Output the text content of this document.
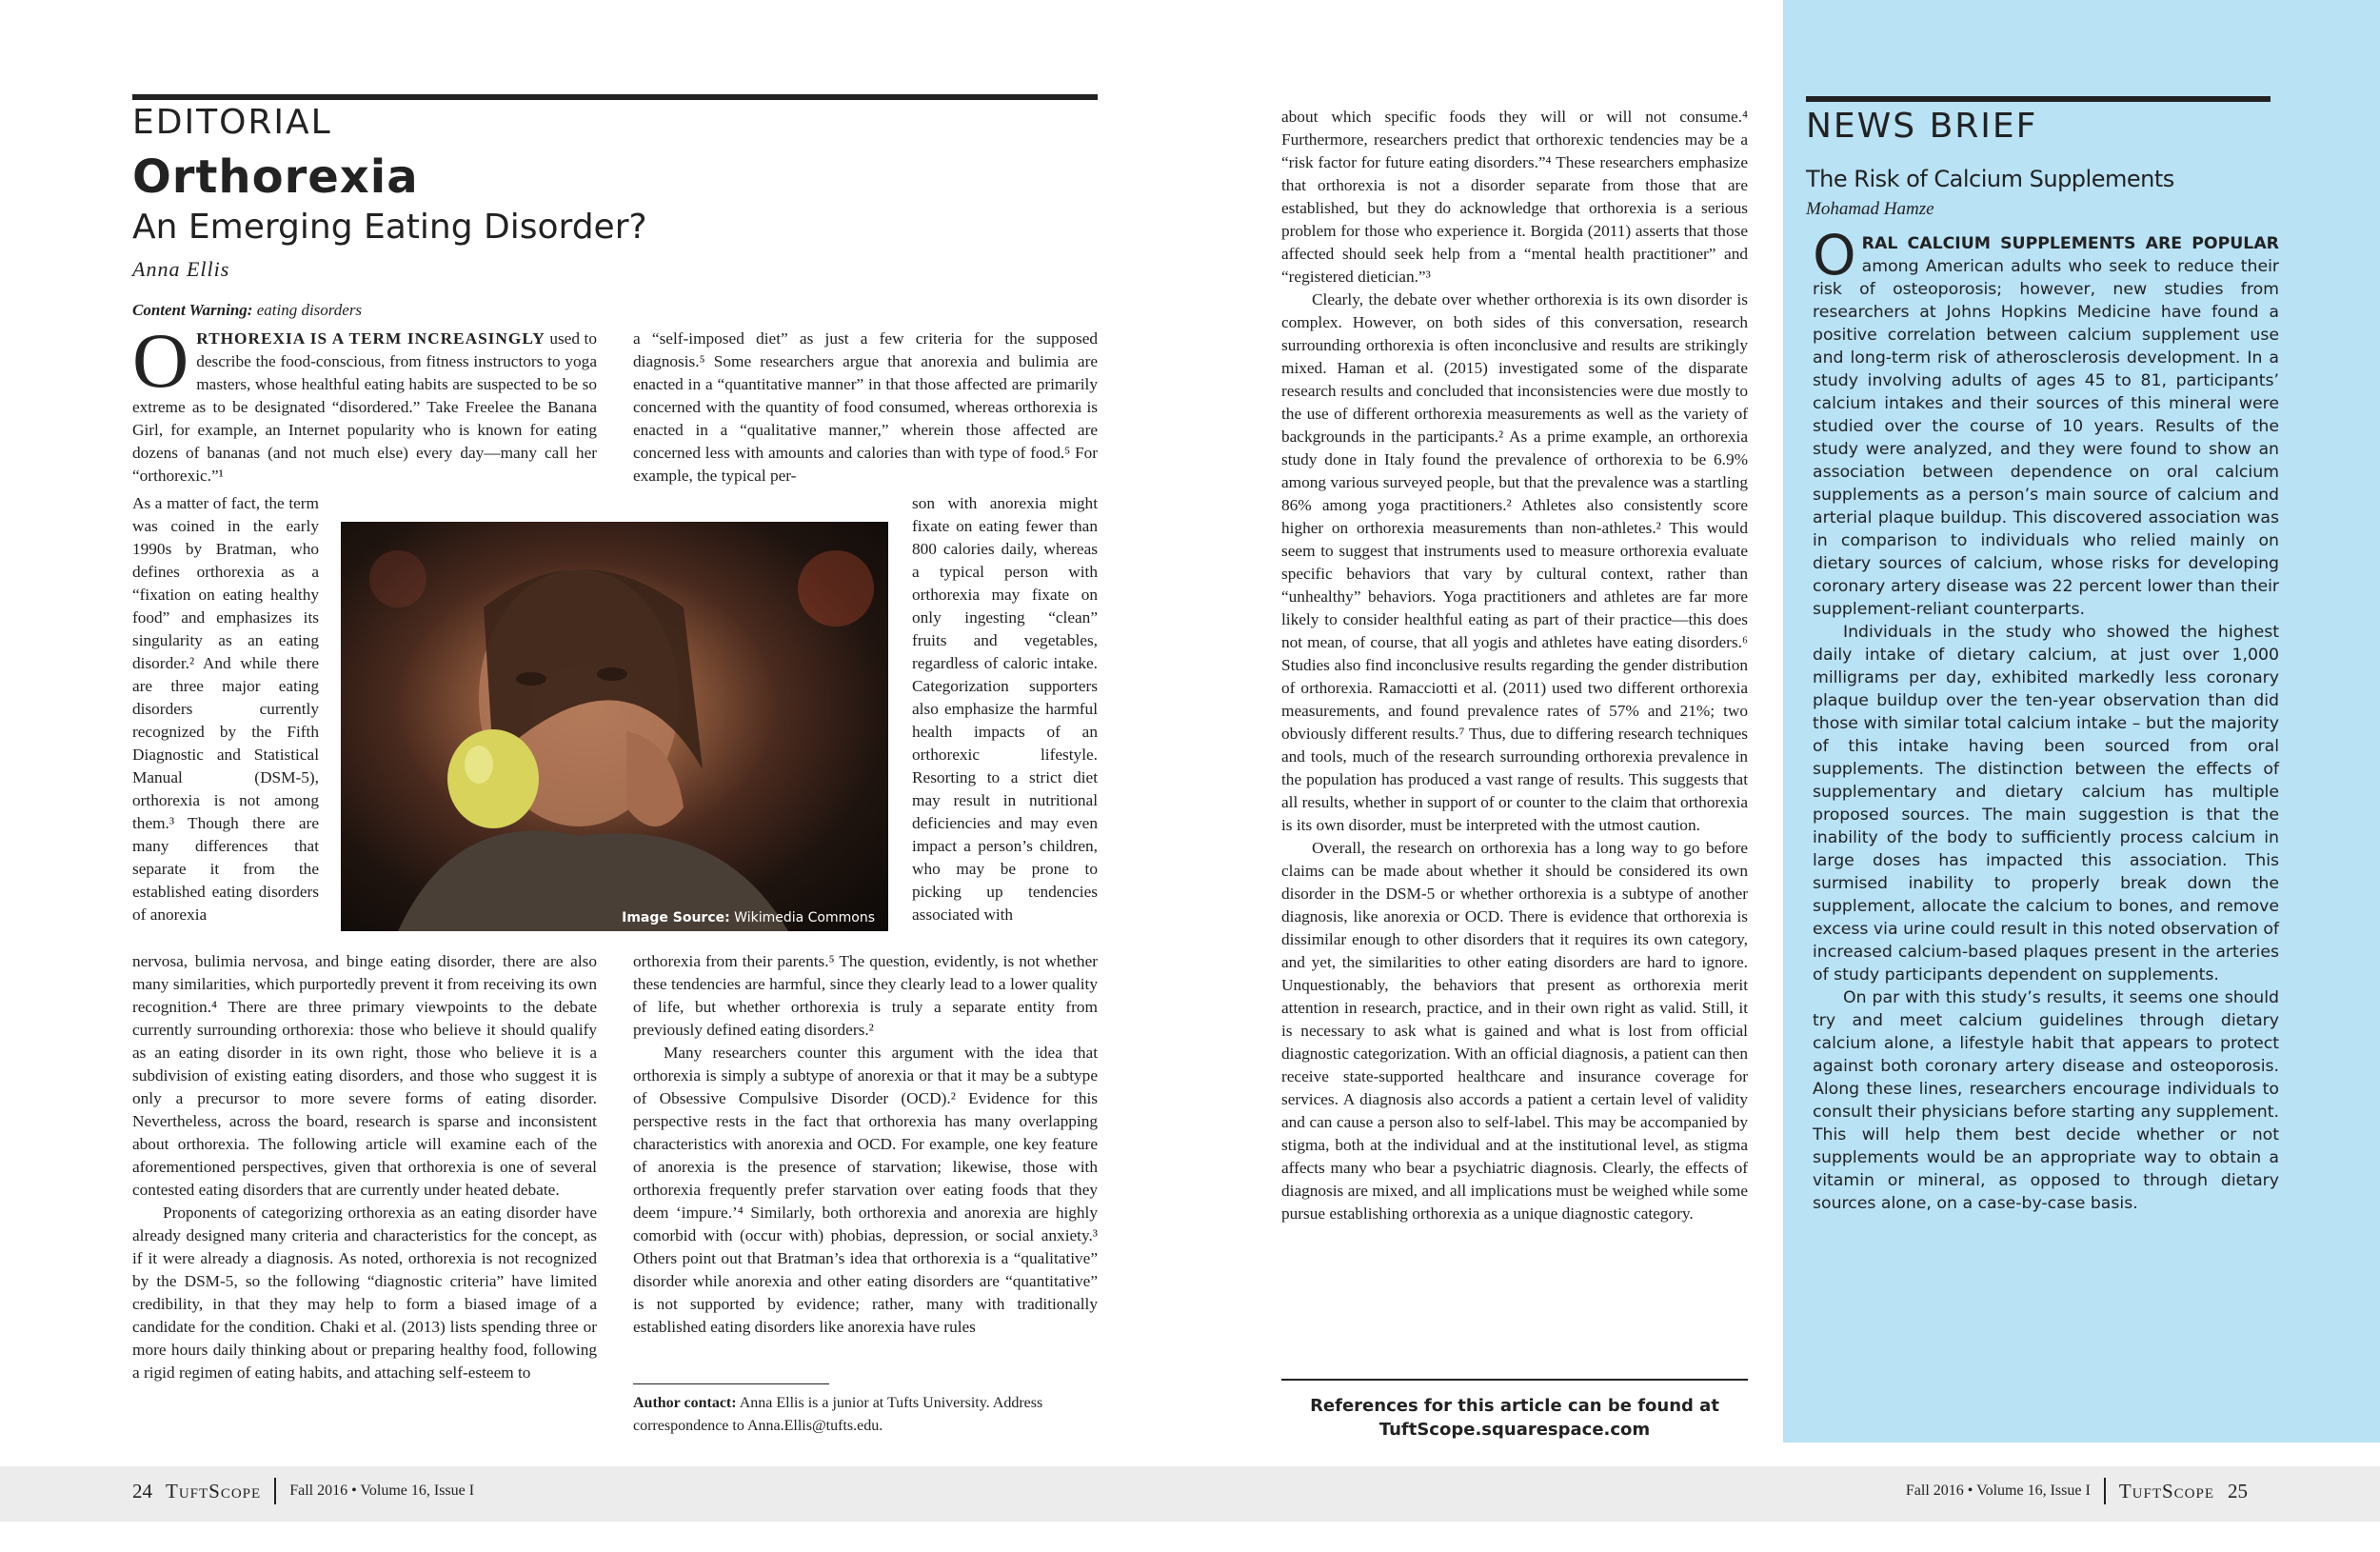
EDITORIAL
Orthorexia
An Emerging Eating Disorder?
Anna Ellis
Content Warning: eating disorders

O RTHOREXIA IS A TERM INCREASINGLY used to describe the food-conscious, from fitness instructors to yoga masters, whose healthful eating habits are suspected to be so extreme as to be designated “disordered.” Take Freelee the Banana Girl, for example, an Internet popularity who is known for eating dozens of bananas (and not much else) every day—many call her “orthorexic.”¹

As a matter of fact, the term was coined in the early 1990s by Bratman, who defines orthorexia as a “fixation on eating healthy food” and emphasizes its singularity as an eating disorder.² And while there are three major eating disorders currently recognized by the Fifth Diagnostic and Statistical Manual (DSM-5), orthorexia is not among them.³ Though there are many differences that separate it from the established eating disorders of anorexia

nervosa, bulimia nervosa, and binge eating disorder, there are also many similarities, which purportedly prevent it from receiving its own recognition.⁴ There are three primary viewpoints to the debate currently surrounding orthorexia: those who believe it should qualify as an eating disorder in its own right, those who believe it is a subdivision of existing eating disorders, and those who suggest it is only a precursor to more severe forms of eating disorder. Nevertheless, across the board, research is sparse and inconsistent about orthorexia. The following article will examine each of the aforementioned perspectives, given that orthorexia is one of several contested eating disorders that are currently under heated debate.

Proponents of categorizing orthorexia as an eating disorder have already designed many criteria and characteristics for the concept, as if it were already a diagnosis. As noted, orthorexia is not recognized by the DSM-5, so the following “diagnostic criteria” have limited credibility, in that they may help to form a biased image of a candidate for the condition. Chaki et al. (2013) lists spending three or more hours daily thinking about or preparing healthy food, following a rigid regimen of eating habits, and attaching self-esteem to

Image Source: Wikimedia Commons
a “self-imposed diet” as just a few criteria for the supposed diagnosis.⁵ Some researchers argue that anorexia and bulimia are enacted in a “quantitative manner” in that those affected are primarily concerned with the quantity of food consumed, whereas orthorexia is enacted in a “qualitative manner,” wherein those affected are concerned less with amounts and calories than with type of food.⁵ For example, the typical per-
son with anorexia might fixate on eating fewer than 800 calories daily, whereas a typical person with orthorexia may fixate on only ingesting “clean” fruits and vegetables, regardless of caloric intake. Categorization supporters also emphasize the harmful health impacts of an orthorexic lifestyle. Resorting to a strict diet may result in nutritional deficiencies and may even impact a person’s children, who may be prone to picking up tendencies associated with

orthorexia from their parents.⁵ The question, evidently, is not whether these tendencies are harmful, since they clearly lead to a lower quality of life, but whether orthorexia is truly a separate entity from previously defined eating disorders.²

Many researchers counter this argument with the idea that orthorexia is simply a subtype of anorexia or that it may be a subtype of Obsessive Compulsive Disorder (OCD).² Evidence for this perspective rests in the fact that orthorexia has many overlapping characteristics with anorexia and OCD. For example, one key feature of anorexia is the presence of starvation; likewise, those with orthorexia frequently prefer starvation over eating foods that they deem ‘impure.’⁴ Similarly, both orthorexia and anorexia are highly comorbid with (occur with) phobias, depression, or social anxiety.³ Others point out that Bratman’s idea that orthorexia is a “qualitative” disorder while anorexia and other eating disorders are “quantitative” is not supported by evidence; rather, many with traditionally established eating disorders like anorexia have rules

Author contact: Anna Ellis is a junior at Tufts University. Address correspondence to Anna.Ellis@tufts.edu.

about which specific foods they will or will not consume.⁴ Furthermore, researchers predict that orthorexic tendencies may be a “risk factor for future eating disorders.”⁴ These researchers emphasize that orthorexia is not a disorder separate from those that are established, but they do acknowledge that orthorexia is a serious problem for those who experience it. Borgida (2011) asserts that those affected should seek help from a “mental health practitioner” and “registered dietician.”³

Clearly, the debate over whether orthorexia is its own disorder is complex. However, on both sides of this conversation, research surrounding orthorexia is often inconclusive and results are strikingly mixed. Haman et al. (2015) investigated some of the disparate research results and concluded that inconsistencies were due mostly to the use of different orthorexia measurements as well as the variety of backgrounds in the participants.² As a prime example, an orthorexia study done in Italy found the prevalence of orthorexia to be 6.9% among various surveyed people, but that the prevalence was a startling 86% among yoga practitioners.² Athletes also consistently score higher on orthorexia measurements than non-athletes.² This would seem to suggest that instruments used to measure orthorexia evaluate specific behaviors that vary by cultural context, rather than “unhealthy” behaviors. Yoga practitioners and athletes are far more likely to consider healthful eating as part of their practice—this does not mean, of course, that all yogis and athletes have eating disorders.⁶ Studies also find inconclusive results regarding the gender distribution of orthorexia. Ramacciotti et al. (2011) used two different orthorexia measurements, and found prevalence rates of 57% and 21%; two obviously different results.⁷ Thus, due to differing research techniques and tools, much of the research surrounding orthorexia prevalence in the population has produced a vast range of results. This suggests that all results, whether in support of or counter to the claim that orthorexia is its own disorder, must be interpreted with the utmost caution.

Overall, the research on orthorexia has a long way to go before claims can be made about whether it should be considered its own disorder in the DSM-5 or whether orthorexia is a subtype of another diagnosis, like anorexia or OCD. There is evidence that orthorexia is dissimilar enough to other disorders that it requires its own category, and yet, the similarities to other eating disorders are hard to ignore. Unquestionably, the behaviors that present as orthorexia merit attention in research, practice, and in their own right as valid. Still, it is necessary to ask what is gained and what is lost from official diagnostic categorization. With an official diagnosis, a patient can then receive state-supported healthcare and insurance coverage for services. A diagnosis also accords a patient a certain level of validity and can cause a person also to self-label. This may be accompanied by stigma, both at the individual and at the institutional level, as stigma affects many who bear a psychiatric diagnosis. Clearly, the effects of diagnosis are mixed, and all implications must be weighed while some pursue establishing orthorexia as a unique diagnostic category.

References for this article can be found at
TuftScope.squarespace.com
NEWS BRIEF
The Risk of Calcium Supplements
Mohamad Hamze

O RAL CALCIUM SUPPLEMENTS ARE POPULAR among American adults who seek to reduce their risk of osteoporosis; however, new studies from researchers at Johns Hopkins Medicine have found a positive correlation between calcium supplement use and long-term risk of atherosclerosis development. In a study involving adults of ages 45 to 81, participants’ calcium intakes and their sources of this mineral were studied over the course of 10 years. Results of the study were analyzed, and they were found to show an association between dependence on oral calcium supplements as a person’s main source of calcium and arterial plaque buildup. This discovered association was in comparison to individuals who relied mainly on dietary sources of calcium, whose risks for developing coronary artery disease was 22 percent lower than their supplement-reliant counterparts.

Individuals in the study who showed the highest daily intake of dietary calcium, at just over 1,000 milligrams per day, exhibited markedly less coronary plaque buildup over the ten-year observation than did those with similar total calcium intake – but the majority of this intake having been sourced from oral supplements. The distinction between the effects of supplementary and dietary calcium has multiple proposed sources. The main suggestion is that the inability of the body to sufficiently process calcium in large doses has impacted this association. This surmised inability to properly break down the supplement, allocate the calcium to bones, and remove excess via urine could result in this noted observation of increased calcium-based plaques present in the arteries of study participants dependent on supplements.

On par with this study’s results, it seems one should try and meet calcium guidelines through dietary calcium alone, a lifestyle habit that appears to protect against both coronary artery disease and osteoporosis. Along these lines, researchers encourage individuals to consult their physicians before starting any supplement. This will help them best decide whether or not supplements would be an appropriate way to obtain a vitamin or mineral, as opposed to through dietary sources alone, on a case-by-case basis.

24 TuftScope Fall 2016 • Volume 16, Issue I	Fall 2016 • Volume 16, Issue I TuftScope 25
